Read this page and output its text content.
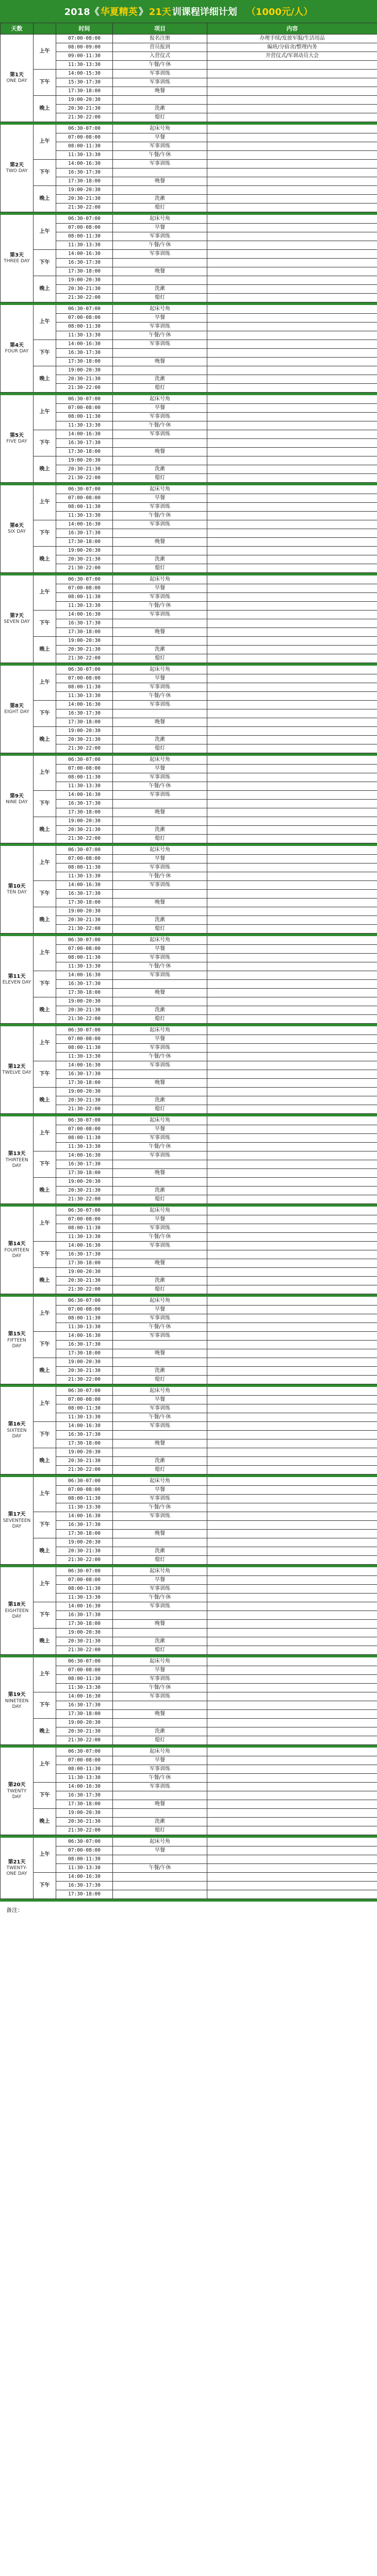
2018《 华夏精英 》 21天 训课程详细计划 （1000元/人）
天数		时间	项目	内容
第1天
ONE DAY	上午	07:00-08:00	报名注册	办理手续/发放军服/生活用品
		08:00-09:00	营员报到	编班/分宿舍/整理内务
		09:00-11:30	入营仪式	开营仪式/军训动员大会
		11:30-13:30	午餐/午休	
	下午	14:00-15:30	军事训练	
		15:30-17:30	军事训练	
		17:30-18:00	晚餐	
	晚上	19:00-20:30		
		20:30-21:30	洗漱	
		21:30-22:00	熄灯	

第2天
TWO DAY	上午	06:30-07:00	起床号角	
		07:00-08:00	早餐	
		08:00-11:30	军事训练	
		11:30-13:30	午餐/午休	
	下午	14:00-16:30	军事训练	
		16:30-17:30		
		17:30-18:00	晚餐	
	晚上	19:00-20:30		
		20:30-21:30	洗漱	
		21:30-22:00	熄灯	

第3天
THREE DAY	上午	06:30-07:00	起床号角	
		07:00-08:00	早餐	
		08:00-11:30	军事训练	
		11:30-13:30	午餐/午休	
	下午	14:00-16:30	军事训练	
		16:30-17:30		
		17:30-18:00	晚餐	
	晚上	19:00-20:30		
		20:30-21:30	洗漱	
		21:30-22:00	熄灯	

第4天
FOUR DAY	上午	06:30-07:00	起床号角	
		07:00-08:00	早餐	
		08:00-11:30	军事训练	
		11:30-13:30	午餐/午休	
	下午	14:00-16:30	军事训练	
		16:30-17:30		
		17:30-18:00	晚餐	
	晚上	19:00-20:30		
		20:30-21:30	洗漱	
		21:30-22:00	熄灯	

第5天
FIVE DAY	上午	06:30-07:00	起床号角	
		07:00-08:00	早餐	
		08:00-11:30	军事训练	
		11:30-13:30	午餐/午休	
	下午	14:00-16:30	军事训练	
		16:30-17:30		
		17:30-18:00	晚餐	
	晚上	19:00-20:30		
		20:30-21:30	洗漱	
		21:30-22:00	熄灯	

第6天
SIX DAY	上午	06:30-07:00	起床号角	
		07:00-08:00	早餐	
		08:00-11:30	军事训练	
		11:30-13:30	午餐/午休	
	下午	14:00-16:30	军事训练	
		16:30-17:30		
		17:30-18:00	晚餐	
	晚上	19:00-20:30		
		20:30-21:30	洗漱	
		21:30-22:00	熄灯	

第7天
SEVEN DAY	上午	06:30-07:00	起床号角	
		07:00-08:00	早餐	
		08:00-11:30	军事训练	
		11:30-13:30	午餐/午休	
	下午	14:00-16:30	军事训练	
		16:30-17:30		
		17:30-18:00	晚餐	
	晚上	19:00-20:30		
		20:30-21:30	洗漱	
		21:30-22:00	熄灯	

第8天
EIGHT DAY	上午	06:30-07:00	起床号角	
		07:00-08:00	早餐	
		08:00-11:30	军事训练	
		11:30-13:30	午餐/午休	
	下午	14:00-16:30	军事训练	
		16:30-17:30		
		17:30-18:00	晚餐	
	晚上	19:00-20:30		
		20:30-21:30	洗漱	
		21:30-22:00	熄灯	

第9天
NINE DAY	上午	06:30-07:00	起床号角	
		07:00-08:00	早餐	
		08:00-11:30	军事训练	
		11:30-13:30	午餐/午休	
	下午	14:00-16:30	军事训练	
		16:30-17:30		
		17:30-18:00	晚餐	
	晚上	19:00-20:30		
		20:30-21:30	洗漱	
		21:30-22:00	熄灯	

第10天
TEN DAY	上午	06:30-07:00	起床号角	
		07:00-08:00	早餐	
		08:00-11:30	军事训练	
		11:30-13:30	午餐/午休	
	下午	14:00-16:30	军事训练	
		16:30-17:30		
		17:30-18:00	晚餐	
	晚上	19:00-20:30		
		20:30-21:30	洗漱	
		21:30-22:00	熄灯	

第11天
ELEVEN DAY	上午	06:30-07:00	起床号角	
		07:00-08:00	早餐	
		08:00-11:30	军事训练	
		11:30-13:30	午餐/午休	
	下午	14:00-16:30	军事训练	
		16:30-17:30		
		17:30-18:00	晚餐	
	晚上	19:00-20:30		
		20:30-21:30	洗漱	
		21:30-22:00	熄灯	

第12天
TWELVE DAY	上午	06:30-07:00	起床号角	
		07:00-08:00	早餐	
		08:00-11:30	军事训练	
		11:30-13:30	午餐/午休	
	下午	14:00-16:30	军事训练	
		16:30-17:30		
		17:30-18:00	晚餐	
	晚上	19:00-20:30		
		20:30-21:30	洗漱	
		21:30-22:00	熄灯	

第13天
THIRTEEN DAY	上午	06:30-07:00	起床号角	
		07:00-08:00	早餐	
		08:00-11:30	军事训练	
		11:30-13:30	午餐/午休	
	下午	14:00-16:30	军事训练	
		16:30-17:30		
		17:30-18:00	晚餐	
	晚上	19:00-20:30		
		20:30-21:30	洗漱	
		21:30-22:00	熄灯	

第14天
FOURTEEN DAY	上午	06:30-07:00	起床号角	
		07:00-08:00	早餐	
		08:00-11:30	军事训练	
		11:30-13:30	午餐/午休	
	下午	14:00-16:30	军事训练	
		16:30-17:30		
		17:30-18:00	晚餐	
	晚上	19:00-20:30		
		20:30-21:30	洗漱	
		21:30-22:00	熄灯	

第15天
FIFTEEN DAY	上午	06:30-07:00	起床号角	
		07:00-08:00	早餐	
		08:00-11:30	军事训练	
		11:30-13:30	午餐/午休	
	下午	14:00-16:30	军事训练	
		16:30-17:30		
		17:30-18:00	晚餐	
	晚上	19:00-20:30		
		20:30-21:30	洗漱	
		21:30-22:00	熄灯	

第16天
SIXTEEN DAY	上午	06:30-07:00	起床号角	
		07:00-08:00	早餐	
		08:00-11:30	军事训练	
		11:30-13:30	午餐/午休	
	下午	14:00-16:30	军事训练	
		16:30-17:30		
		17:30-18:00	晚餐	
	晚上	19:00-20:30		
		20:30-21:30	洗漱	
		21:30-22:00	熄灯	

第17天
SEVENTEEN DAY	上午	06:30-07:00	起床号角	
		07:00-08:00	早餐	
		08:00-11:30	军事训练	
		11:30-13:30	午餐/午休	
	下午	14:00-16:30	军事训练	
		16:30-17:30		
		17:30-18:00	晚餐	
	晚上	19:00-20:30		
		20:30-21:30	洗漱	
		21:30-22:00	熄灯	

第18天
EIGHTEEN DAY	上午	06:30-07:00	起床号角	
		07:00-08:00	早餐	
		08:00-11:30	军事训练	
		11:30-13:30	午餐/午休	
	下午	14:00-16:30	军事训练	
		16:30-17:30		
		17:30-18:00	晚餐	
	晚上	19:00-20:30		
		20:30-21:30	洗漱	
		21:30-22:00	熄灯	

第19天
NINETEEN DAY	上午	06:30-07:00	起床号角	
		07:00-08:00	早餐	
		08:00-11:30	军事训练	
		11:30-13:30	午餐/午休	
	下午	14:00-16:30	军事训练	
		16:30-17:30		
		17:30-18:00	晚餐	
	晚上	19:00-20:30		
		20:30-21:30	洗漱	
		21:30-22:00	熄灯	

第20天
TWENTY DAY	上午	06:30-07:00	起床号角	
		07:00-08:00	早餐	
		08:00-11:30	军事训练	
		11:30-13:30	午餐/午休	
	下午	14:00-16:30	军事训练	
		16:30-17:30		
		17:30-18:00	晚餐	
	晚上	19:00-20:30		
		20:30-21:30	洗漱	
		21:30-22:00	熄灯	

第21天
TWENTY-ONE DAY	上午	06:30-07:00	起床号角	
		07:00-08:00	早餐	
		08:00-11:30		
		11:30-13:30	午餐/午休	
	下午	14:00-16:30		
		16:30-17:30		
		17:30-18:00		

备注：
